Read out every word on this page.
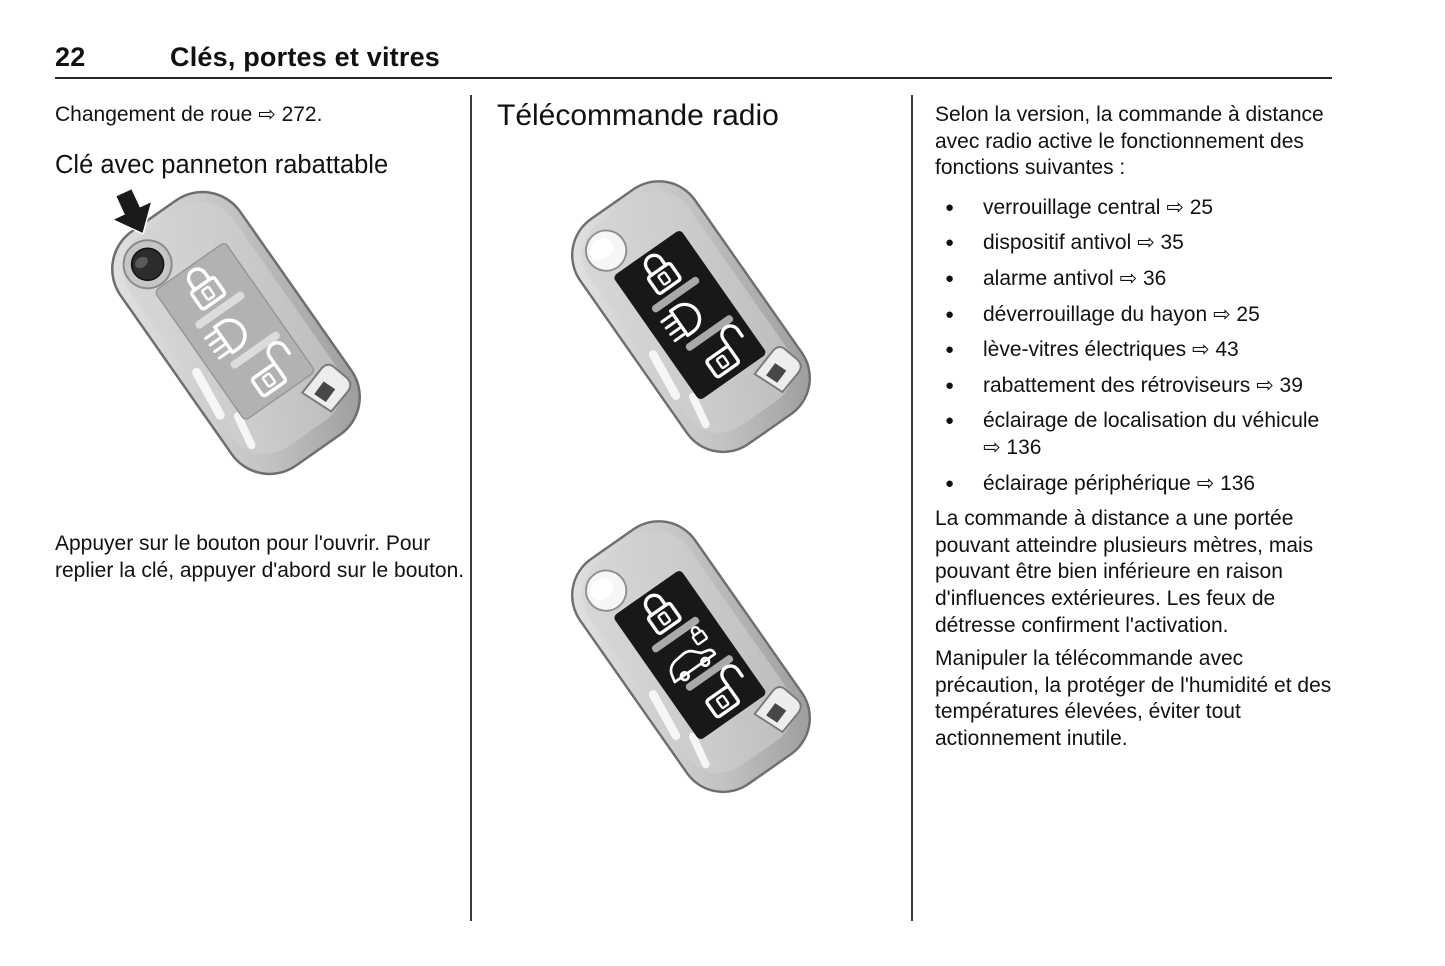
22	Clés, portes et vitres

Changement de roue ⇨ 272.

Clé avec panneton rabattable
Appuyer sur le bouton pour l'ouvrir. Pour replier la clé, appuyer d'abord sur le bouton.
Télécommande radio	Selon la version, la commande à distance avec radio active le fonctionnement des fonctions suivantes :

●	verrouillage central ⇨ 25
●	dispositif antivol ⇨ 35
●	alarme antivol ⇨ 36
●	déverrouillage du hayon ⇨ 25
●	lève-vitres électriques ⇨ 43
●	rabattement des rétroviseurs ⇨ 39
●	éclairage de localisation du véhicule ⇨ 136
●	éclairage périphérique ⇨ 136

La commande à distance a une portée pouvant atteindre plusieurs mètres, mais pouvant être bien inférieure en raison d'influences extérieures. Les feux de détresse confirment l'activation.

Manipuler la télécommande avec précaution, la protéger de l'humidité et des températures élevées, éviter tout actionnement inutile.
